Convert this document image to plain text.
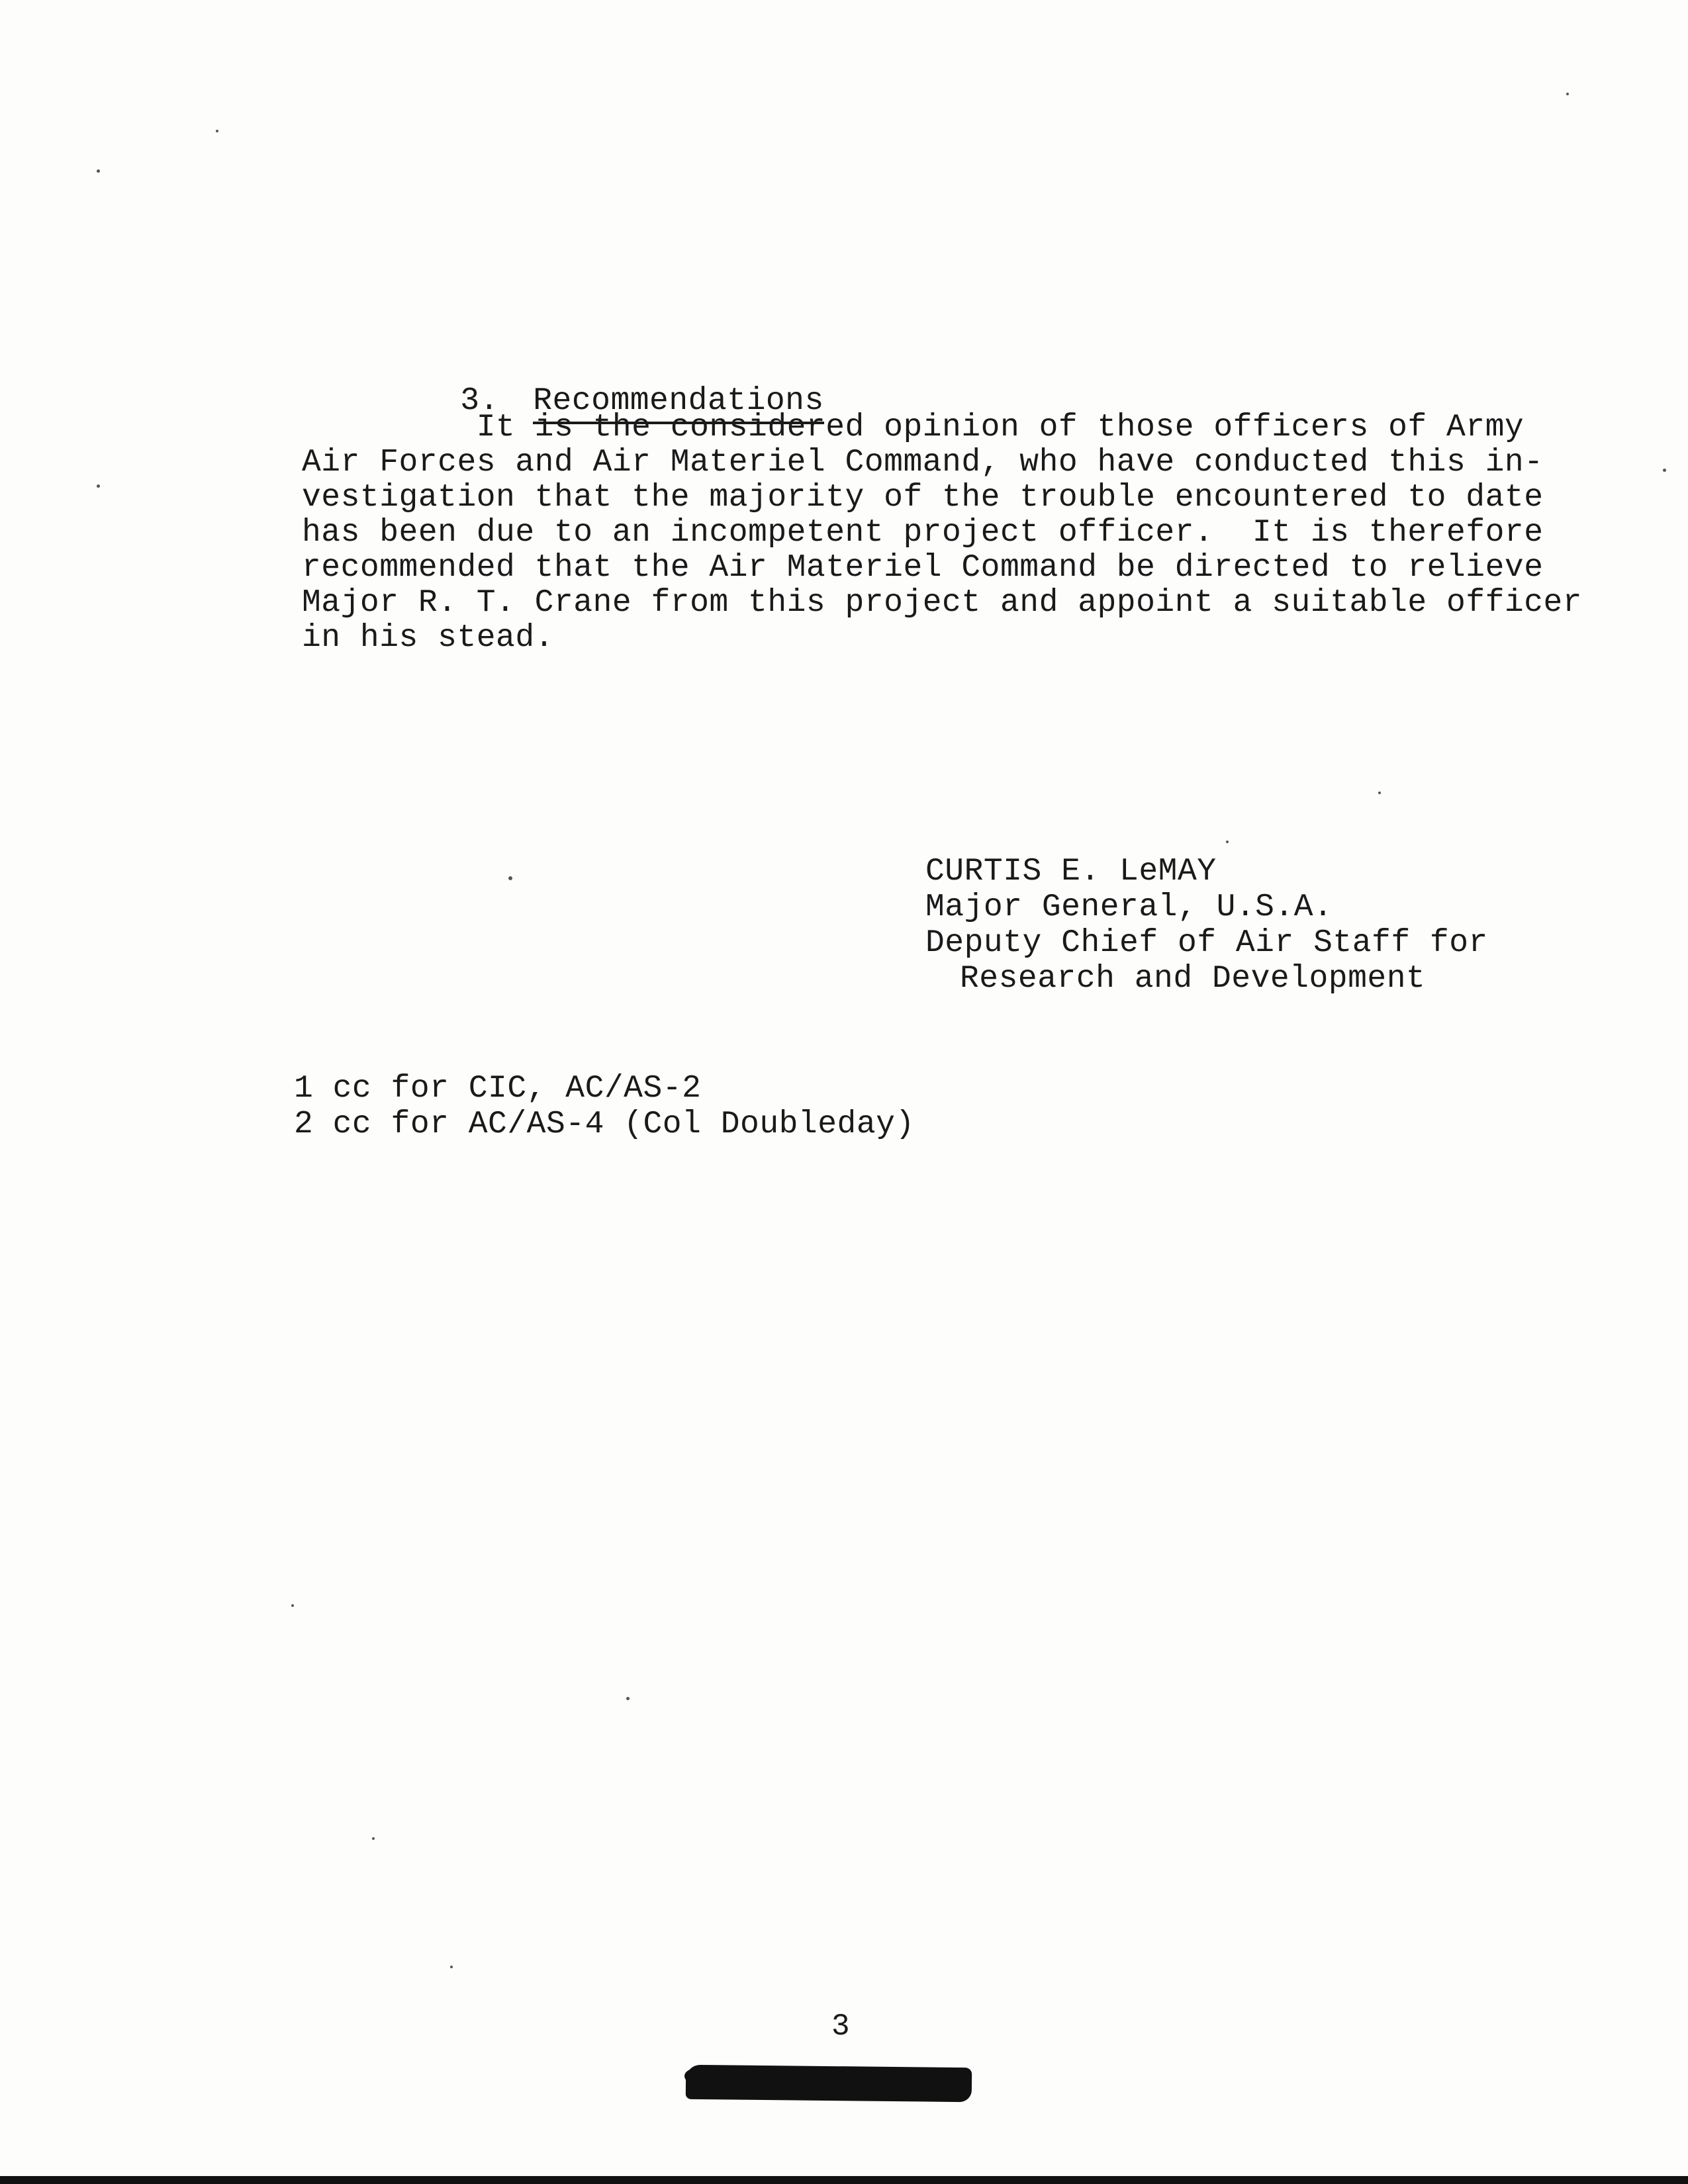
3. Recommendations

It is the considered opinion of those officers of Army
Air Forces and Air Materiel Command, who have conducted this in-
vestigation that the majority of the trouble encountered to date
has been due to an incompetent project officer.  It is therefore
recommended that the Air Materiel Command be directed to relieve
Major R. T. Crane from this project and appoint a suitable officer
in his stead.
CURTIS E. LeMAY
Major General, U.S.A.
Deputy Chief of Air Staff for
Research and Development
1 cc for CIC, AC/AS-2
2 cc for AC/AS-4 (Col Doubleday)
3
